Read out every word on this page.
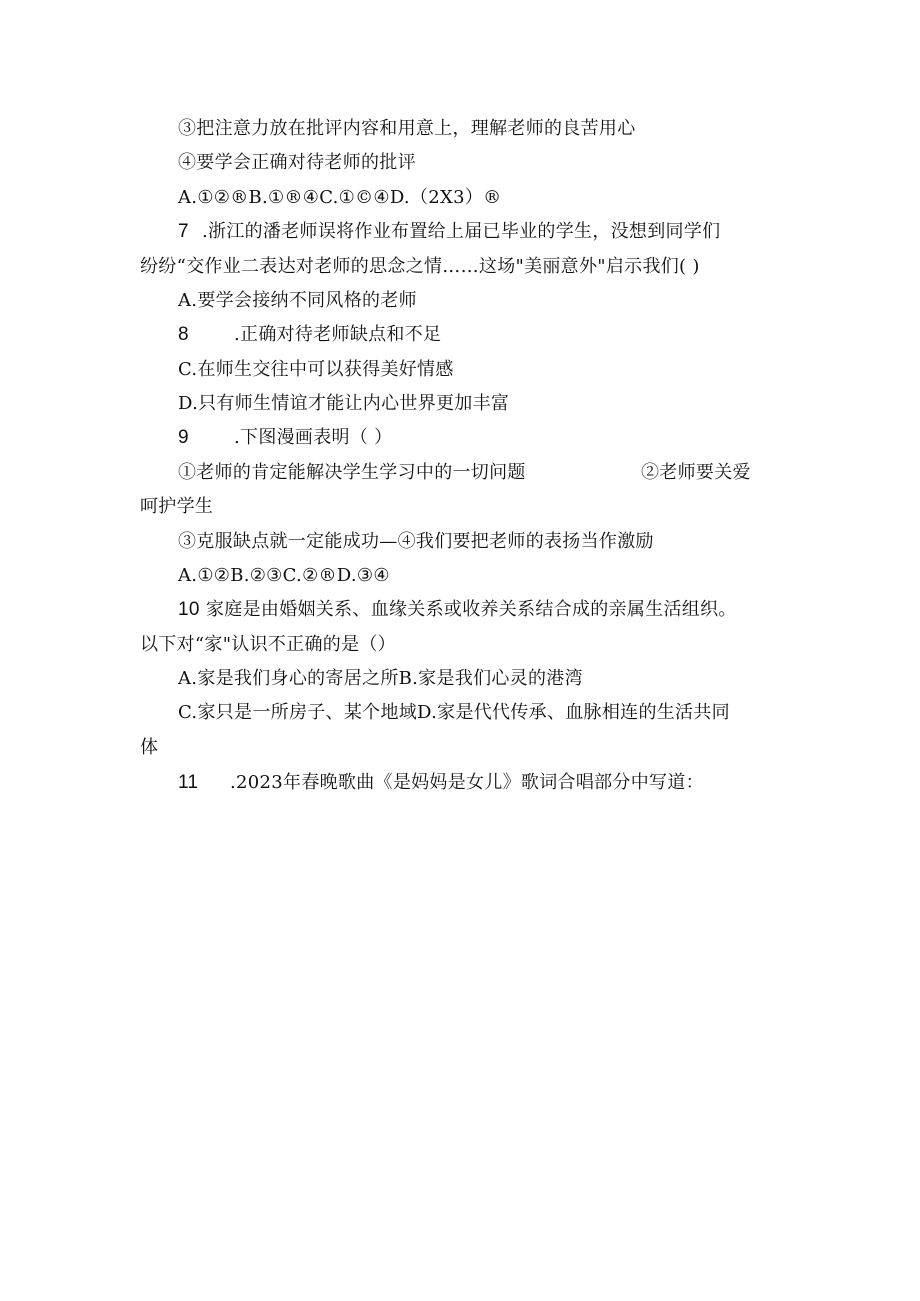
③把注意力放在批评内容和用意上，理解老师的良苦用心
④要学会正确对待老师的批评
A.①②®B.①®④C.①©④D.（2X3）®
7 .浙江的潘老师误将作业布置给上届已毕业的学生，没想到同学们
纷纷“交作业二表达对老师的思念之情……这场"美丽意外"启示我们( )
A.要学会接纳不同风格的老师
8	.正确对待老师缺点和不足
C.在师生交往中可以获得美好情感
D.只有师生情谊才能让内心世界更加丰富
9	.下图漫画表明（ ）
①老师的肯定能解决学生学习中的一切问题	②老师要关爱
呵护学生
③克服缺点就一定能成功—④我们要把老师的表扬当作激励
A.①②B.②③C.②®D.③④
10 家庭是由婚姻关系、血缘关系或收养关系结合成的亲属生活组织。
以下对“家"认识不正确的是（）
A.家是我们身心的寄居之所B.家是我们心灵的港湾
C.家只是一所房子、某个地域D.家是代代传承、血脉相连的生活共同
体
11 .2023年春晚歌曲《是妈妈是女儿》歌词合唱部分中写道：
